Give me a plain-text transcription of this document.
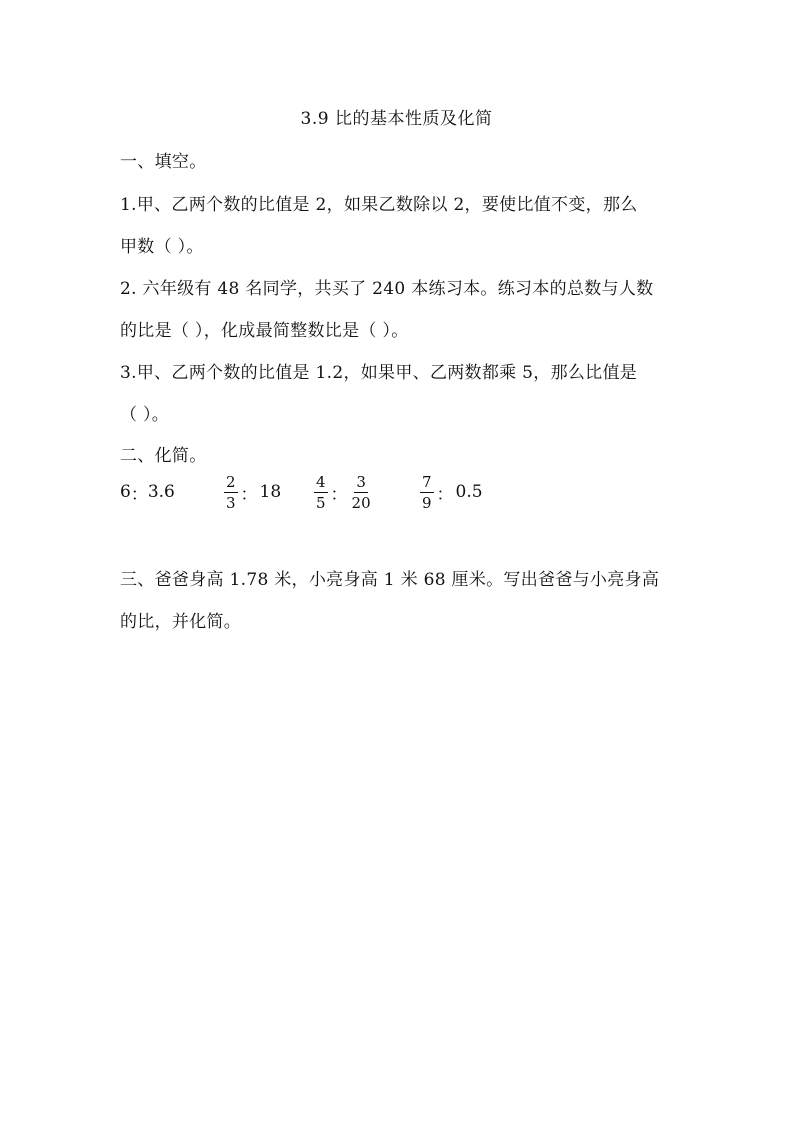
3.9 比的基本性质及化简
一、填空。
1.甲、乙两个数的比值是 2，如果乙数除以 2，要使比值不变，那么
甲数（ ）。
2. 六年级有 48 名同学，共买了 240 本练习本。练习本的总数与人数
的比是（ ），化成最简整数比是（ ）。
3.甲、乙两个数的比值是 1.2，如果甲、乙两数都乘 5，那么比值是
（ ）。
二、化简。
6 ： 3.6	$\frac{2}{3}$ ： $18 \frac{4}{5}$ ： $\frac{3}{20}$	$\frac{7}{9}$ ： 0.5
三、爸爸身高 1.78 米，小亮身高 1 米 68 厘米。写出爸爸与小亮身高
的比，并化简。
